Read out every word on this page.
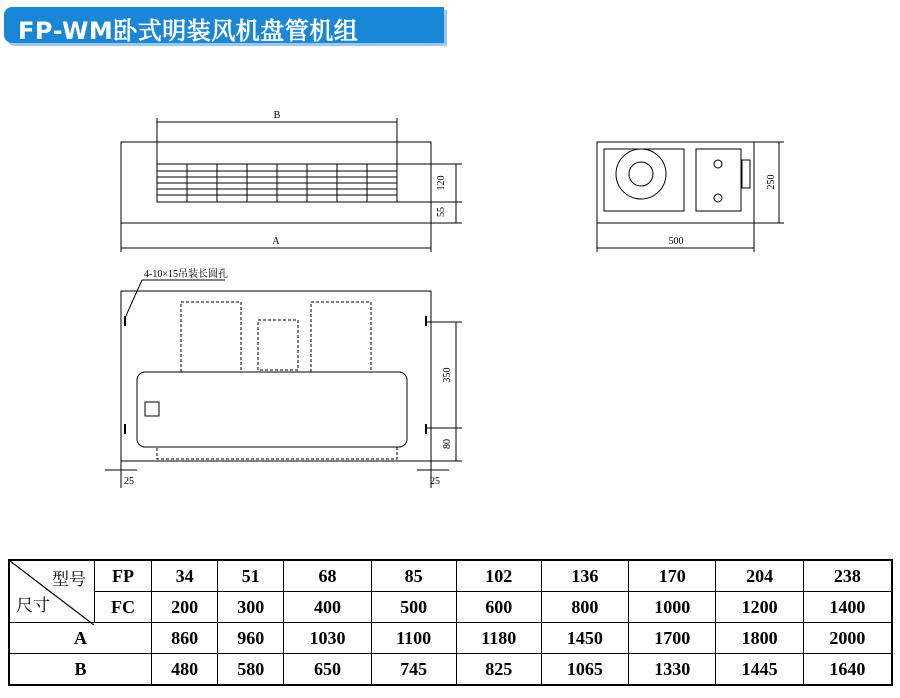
FP-WM卧式明装风机盘管机组
B
A
120
55
500
250
4-10×15吊装长圆孔
350
80
25	25
型号
尺寸	FP	34	51	68	85	102	136	170	204	238
	FC	200	300	400	500	600	800	1000	1200	1400
A		860	960	1030	1100	1180	1450	1700	1800	2000
B		480	580	650	745	825	1065	1330	1445	1640
